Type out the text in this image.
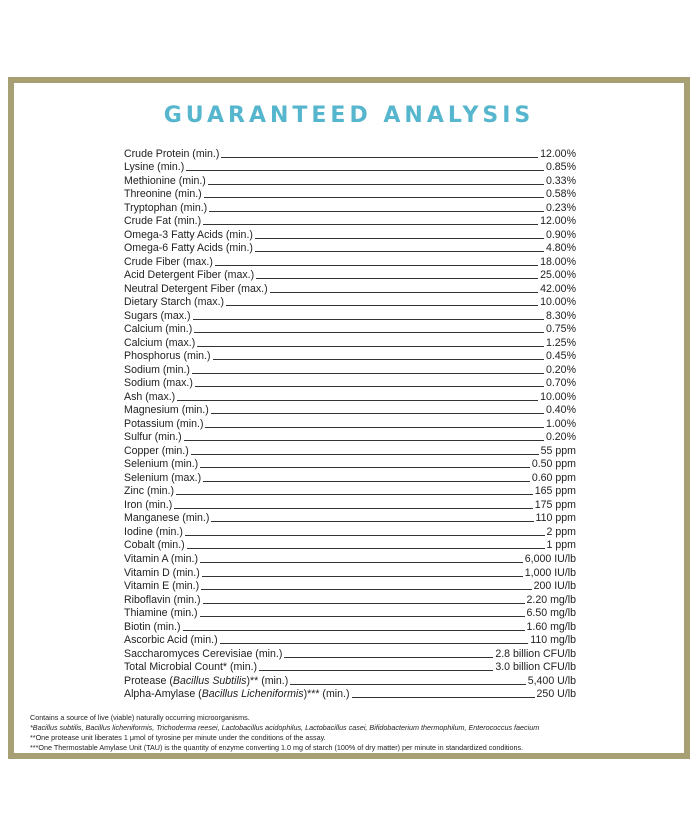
GUARANTEED ANALYSIS
Crude Protein (min.)	12.00%
Lysine (min.)	0.85%
Methionine (min.)	0.33%
Threonine (min.)	0.58%
Tryptophan (min.)	0.23%
Crude Fat (min.)	12.00%
Omega-3 Fatty Acids (min.)	0.90%
Omega-6 Fatty Acids (min.)	4.80%
Crude Fiber (max.)	18.00%
Acid Detergent Fiber (max.)	25.00%
Neutral Detergent Fiber (max.)	42.00%
Dietary Starch (max.)	10.00%
Sugars (max.)	8.30%
Calcium (min.)	0.75%
Calcium (max.)	1.25%
Phosphorus (min.)	0.45%
Sodium (min.)	0.20%
Sodium (max.)	0.70%
Ash (max.)	10.00%
Magnesium (min.)	0.40%
Potassium (min.)	1.00%
Sulfur (min.)	0.20%
Copper (min.)	55 ppm
Selenium (min.)	0.50 ppm
Selenium (max.)	0.60 ppm
Zinc (min.)	165 ppm
Iron (min.)	175 ppm
Manganese (min.)	110 ppm
Iodine (min.)	2 ppm
Cobalt (min.)	1 ppm
Vitamin A (min.)	6,000 IU/lb
Vitamin D (min.)	1,000 IU/lb
Vitamin E (min.)	200 IU/lb
Riboflavin (min.)	2.20 mg/lb
Thiamine (min.)	6.50 mg/lb
Biotin (min.)	1.60 mg/lb
Ascorbic Acid (min.)	110 mg/lb
Saccharomyces Cerevisiae (min.)	2.8 billion CFU/lb
Total Microbial Count* (min.)	3.0 billion CFU/lb
Protease (Bacillus Subtilis)** (min.)	5,400 U/lb
Alpha-Amylase (Bacillus Licheniformis)*** (min.)	250 U/lb

Contains a source of live (viable) naturally occurring microorganisms.

*Bacillus subtilis, Bacillus licheniformis, Trichoderma reesei, Lactobacillus acidophilus, Lactobacillus casei, Bifidobacterium thermophilum, Enterococcus faecium

**One protease unit liberates 1 μmol of tyrosine per minute under the conditions of the assay.

***One Thermostable Amylase Unit (TAU) is the quantity of enzyme converting 1.0 mg of starch (100% of dry matter) per minute in standardized conditions.
